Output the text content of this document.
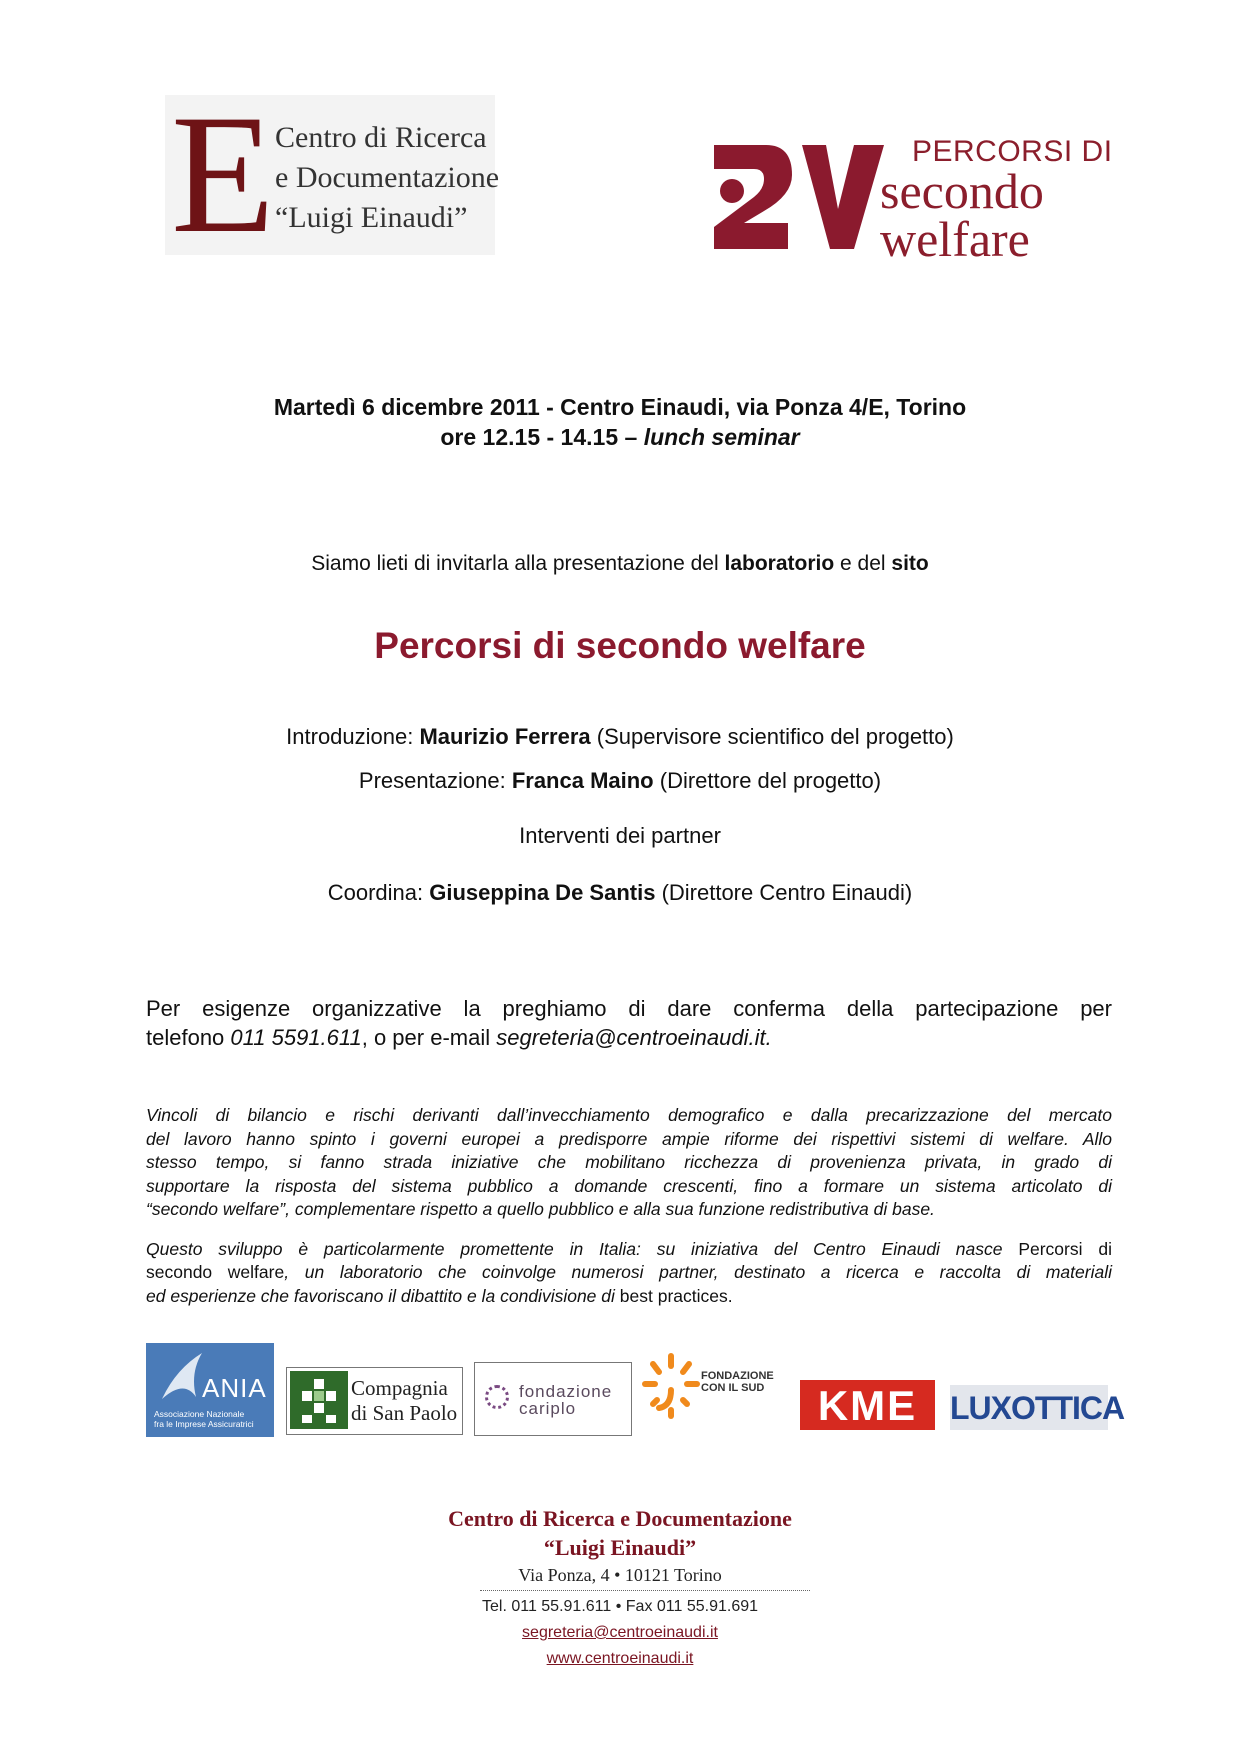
E Centro di Ricerca
e Documentazione
“Luigi Einaudi”
PERCORSI DI
secondo
welfare
Martedì 6 dicembre 2011 - Centro Einaudi, via Ponza 4/E, Torino
ore 12.15 - 14.15 – lunch seminar
Siamo lieti di invitarla alla presentazione del laboratorio e del sito
Percorsi di secondo welfare
Introduzione: Maurizio Ferrera (Supervisore scientifico del progetto)
Presentazione: Franca Maino (Direttore del progetto)
Interventi dei partner
Coordina: Giuseppina De Santis (Direttore Centro Einaudi)
Per esigenze organizzative la preghiamo di dare conferma della partecipazione per
telefono 011 5591.611, o per e-mail segreteria@centroeinaudi.it.
Vincoli di bilancio e rischi derivanti dall’invecchiamento demografico e dalla precarizzazione del mercato
del lavoro hanno spinto i governi europei a predisporre ampie riforme dei rispettivi sistemi di welfare. Allo
stesso tempo, si fanno strada iniziative che mobilitano ricchezza di provenienza privata, in grado di
supportare la risposta del sistema pubblico a domande crescenti, fino a formare un sistema articolato di
“secondo welfare”, complementare rispetto a quello pubblico e alla sua funzione redistributiva di base.
Questo sviluppo è particolarmente promettente in Italia: su iniziativa del Centro Einaudi nasce Percorsi di
secondo welfare, un laboratorio che coinvolge numerosi partner, destinato a ricerca e raccolta di materiali
ed esperienze che favoriscano il dibattito e la condivisione di best practices.
ANIA
Associazione Nazionale
fra le Imprese Assicuratrici
Compagnia
di San Paolo
fondazione
cariplo
FONDAZIONE
CON IL SUD	KME	LUXOTTICA
Centro di Ricerca e Documentazione
“Luigi Einaudi”
Via Ponza, 4 • 10121 Torino
Tel. 011 55.91.611 • Fax 011 55.91.691
segreteria@centroeinaudi.it
www.centroeinaudi.it
